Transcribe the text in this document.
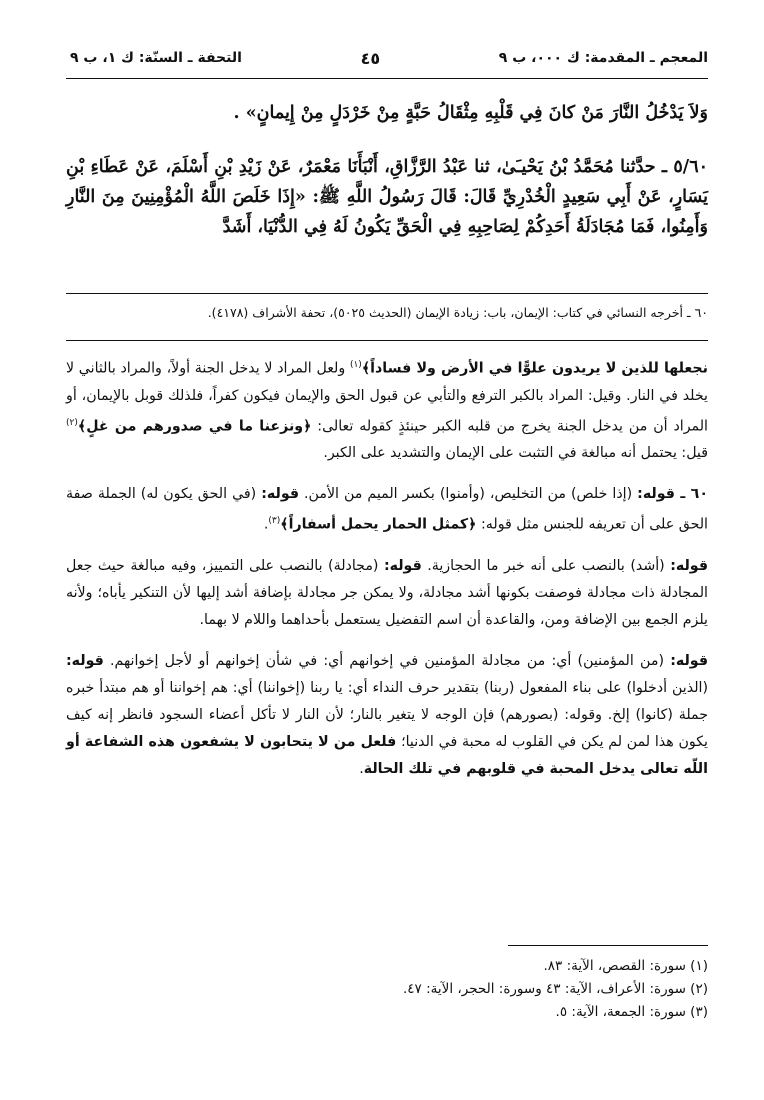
المعجم ـ المقدمة: ك ۰۰۰، ب ۹
٤٥
التحفة ـ السنّة: ك ١، ب ٩

وَلاَ يَدْخُلُ النَّارَ مَنْ كانَ فِي قَلْبِهِ مِثْقَالُ حَبَّةٍ مِنْ خَرْدَلٍ مِنْ إِيمانٍ» .

٥/٦٠ ـ حدَّثنا مُحَمَّدُ بْنُ يَحْيـَىٰ، ثنا عَبْدُ الرَّزَّاقِ، أَنْبَأَنَا مَعْمَرٌ، عَنْ زَيْدِ بْنِ أَسْلَمَ، عَنْ عَطَاءِ بْنِ يَسَارٍ، عَنْ أَبِي سَعِيدٍ الْخُدْرِيِّ قَالَ: قَالَ رَسُولُ اللَّهِ ﷺ: «إِذَا خَلَصَ اللَّهُ الْمُؤْمِنِينَ مِنَ النَّارِ وَأَمِنُوا، فَمَا مُجَادَلَةُ أَحَدِكُمْ لِصَاحِبِهِ فِي الْحَقِّ يَكُونُ لَهُ فِي الدُّنْيَا، أَشَدَّ

٦٠ ـ أخرجه النسائي في كتاب: الإيمان، باب: زيادة الإيمان (الحديث ٥٠٢٥)، تحفة الأشراف (٤١٧٨).

نجعلها للذين لا يريدون علوًّا في الأرض ولا فساداً﴾$^{(١)}$ ولعل المراد لا يدخل الجنة أولاً، والمراد بالثاني لا يخلد في النار. وقيل: المراد بالكبر الترفع والتأبي عن قبول الحق والإيمان فيكون كفراً، فلذلك قوبل بالإيمان، أو المراد أن من يدخل الجنة يخرج من قلبه الكبر حينئذٍ كقوله تعالى: ﴿ونزعنا ما في صدورهم من غلٍ﴾$^{(٢)}$ قيل: يحتمل أنه مبالغة في التثبت على الإيمان والتشديد على الكبر.

٦٠ ـ قوله: (إذا خلص) من التخليص، (وأمنوا) بكسر الميم من الأمن. قوله: (في الحق يكون له) الجملة صفة الحق على أن تعريفه للجنس مثل قوله: ﴿كمثل الحمار يحمل أسفاراً﴾$^{(٣)}$.

قوله: (أشد) بالنصب على أنه خبر ما الحجازية. قوله: (مجادلة) بالنصب على التمييز، وفيه مبالغة حيث جعل المجادلة ذات مجادلة فوصفت بكونها أشد مجادلة، ولا يمكن جر مجادلة بإضافة أشد إليها لأن التنكير يأباه؛ ولأنه يلزم الجمع بين الإضافة ومن، والقاعدة أن اسم التفضيل يستعمل بأحداهما واللام لا بهما.

قوله: (من المؤمنين) أي: من مجادلة المؤمنين في إخوانهم أي: في شأن إخوانهم أو لأجل إخوانهم. قوله: (الذين أدخلوا) على بناء المفعول (ربنا) بتقدير حرف النداء أي: يا ربنا (إخواننا) أي: هم إخواننا أو هم مبتدأ خبره جملة (كانوا) إلخ. وقوله: (بصورهم) فإن الوجه لا يتغير بالنار؛ لأن النار لا تأكل أعضاء السجود فانظر إنه كيف يكون هذا لمن لم يكن في القلوب له محبة في الدنيا؛ فلعل من لا يتحابون لا يشفعون هذه الشفاعة أو اللّه تعالى يدخل المحبة في قلوبهم في تلك الحالة.

(١) سورة: القصص، الآية: ٨٣.

(٢) سورة: الأعراف، الآية: ٤٣ وسورة: الحجر، الآية: ٤٧.

(٣) سورة: الجمعة، الآية: ٥.
